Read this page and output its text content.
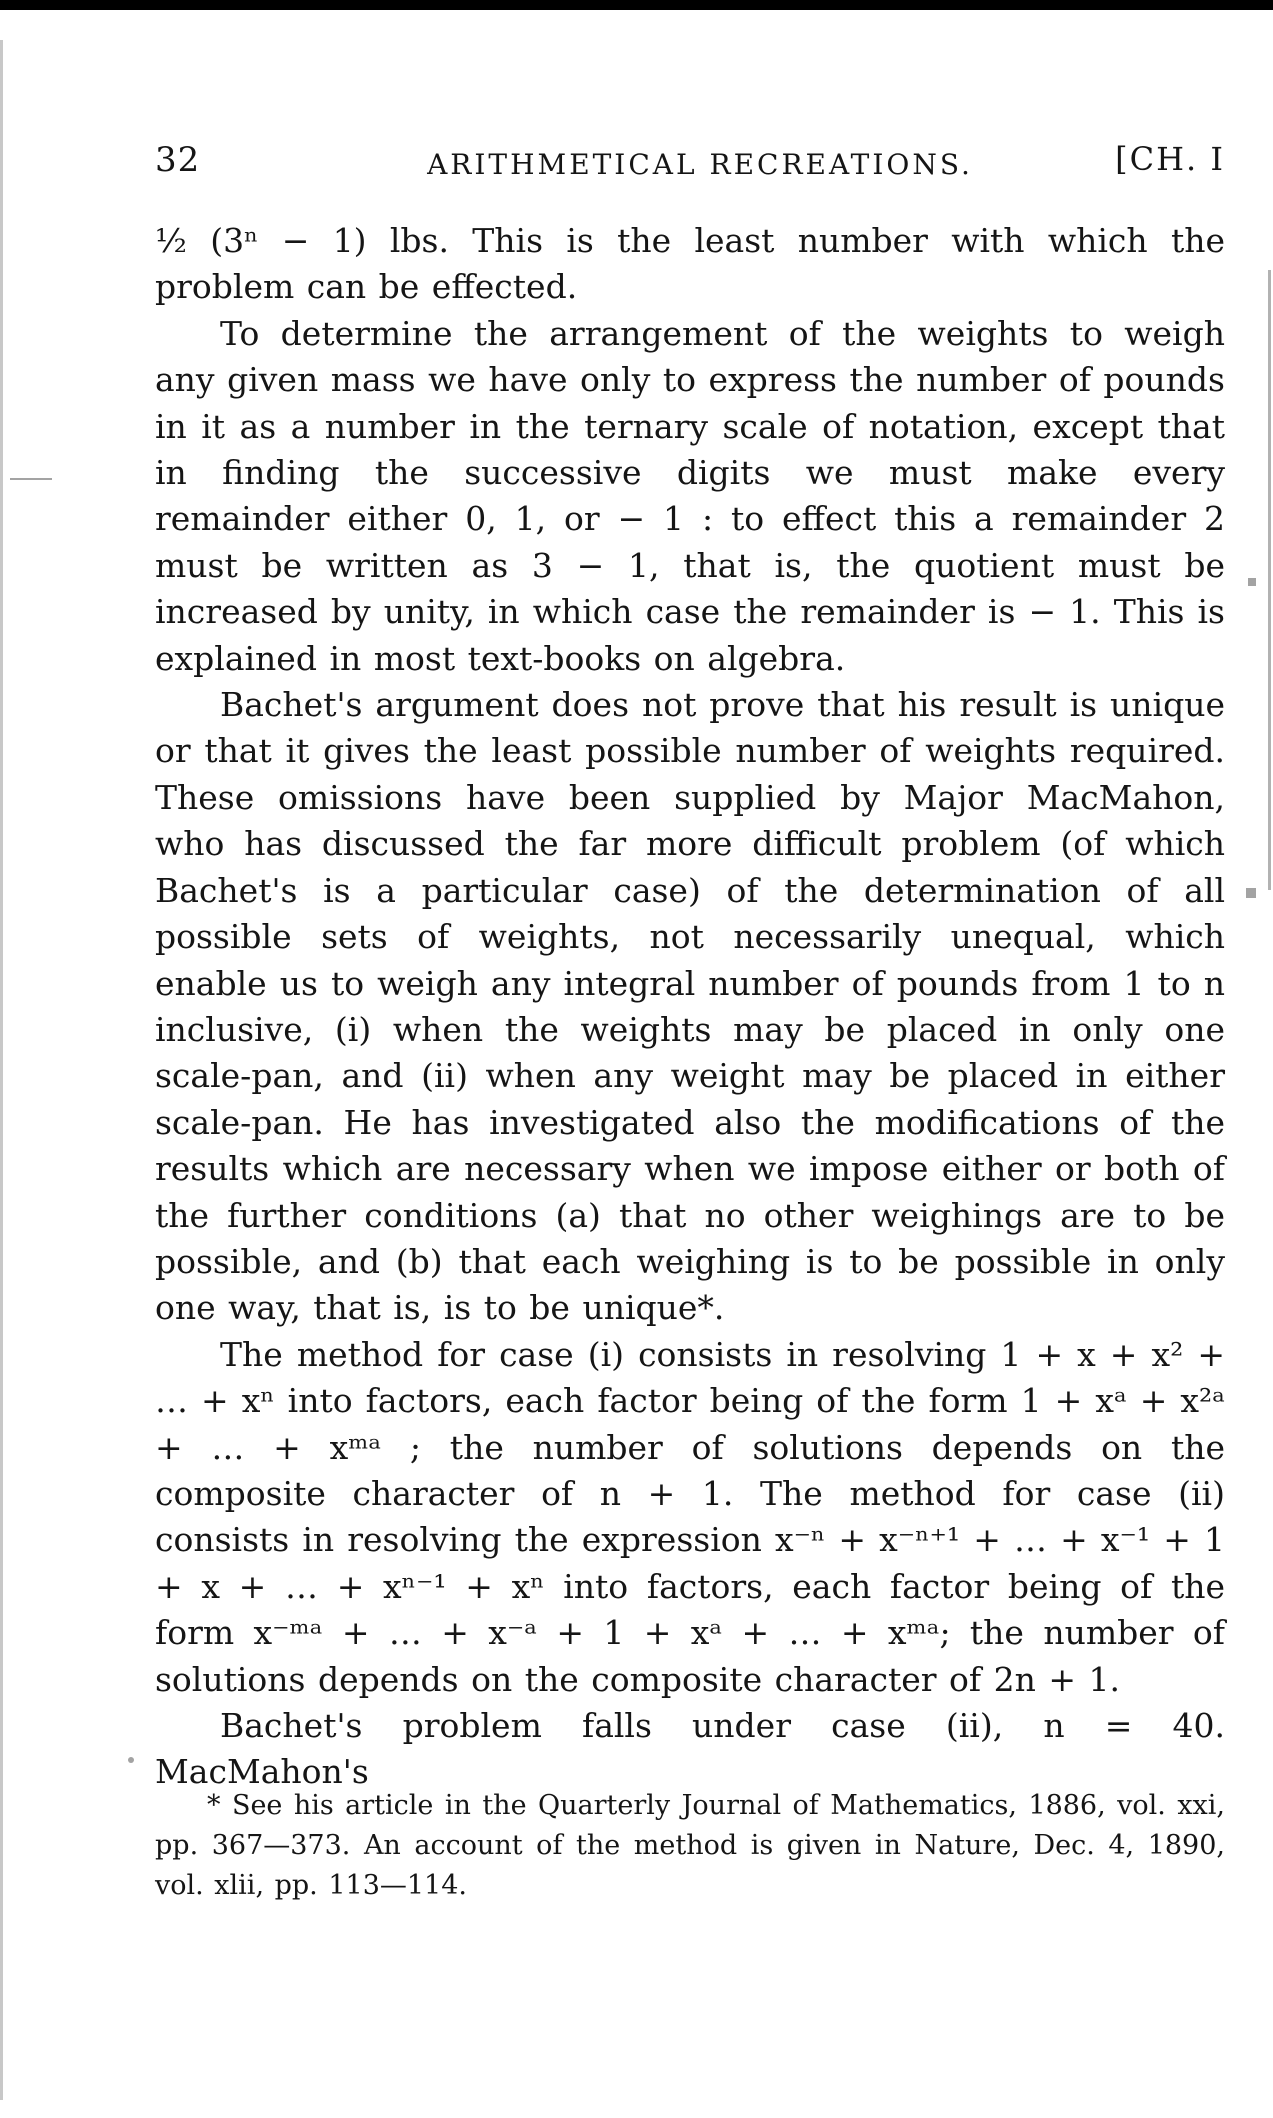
32	ARITHMETICAL RECREATIONS.	[CH. I

½ (3ⁿ − 1) lbs. This is the least number with which the problem can be effected.

To determine the arrangement of the weights to weigh any given mass we have only to express the number of pounds in it as a number in the ternary scale of notation, except that in finding the successive digits we must make every remainder either 0, 1, or − 1 : to effect this a remainder 2 must be written as 3 − 1, that is, the quotient must be increased by unity, in which case the remainder is − 1. This is explained in most text-books on algebra.

Bachet's argument does not prove that his result is unique or that it gives the least possible number of weights required. These omissions have been supplied by Major MacMahon, who has discussed the far more difficult problem (of which Bachet's is a particular case) of the determination of all possible sets of weights, not necessarily unequal, which enable us to weigh any integral number of pounds from 1 to n inclusive, (i) when the weights may be placed in only one scale-pan, and (ii) when any weight may be placed in either scale-pan. He has investigated also the modifications of the results which are necessary when we impose either or both of the further conditions (a) that no other weighings are to be possible, and (b) that each weighing is to be possible in only one way, that is, is to be unique*.

The method for case (i) consists in resolving 1 + x + x² + … + xⁿ into factors, each factor being of the form 1 + xᵃ + x²ᵃ + … + xᵐᵃ ; the number of solutions depends on the composite character of n + 1. The method for case (ii) consists in resolving the expression x⁻ⁿ + x⁻ⁿ⁺¹ + … + x⁻¹ + 1 + x + … + xⁿ⁻¹ + xⁿ into factors, each factor being of the form x⁻ᵐᵃ + … + x⁻ᵃ + 1 + xᵃ + … + xᵐᵃ; the number of solutions depends on the composite character of 2n + 1.

Bachet's problem falls under case (ii), n = 40. MacMahon's

* See his article in the Quarterly Journal of Mathematics, 1886, vol. xxi, pp. 367—373. An account of the method is given in Nature, Dec. 4, 1890, vol. xlii, pp. 113—114.
